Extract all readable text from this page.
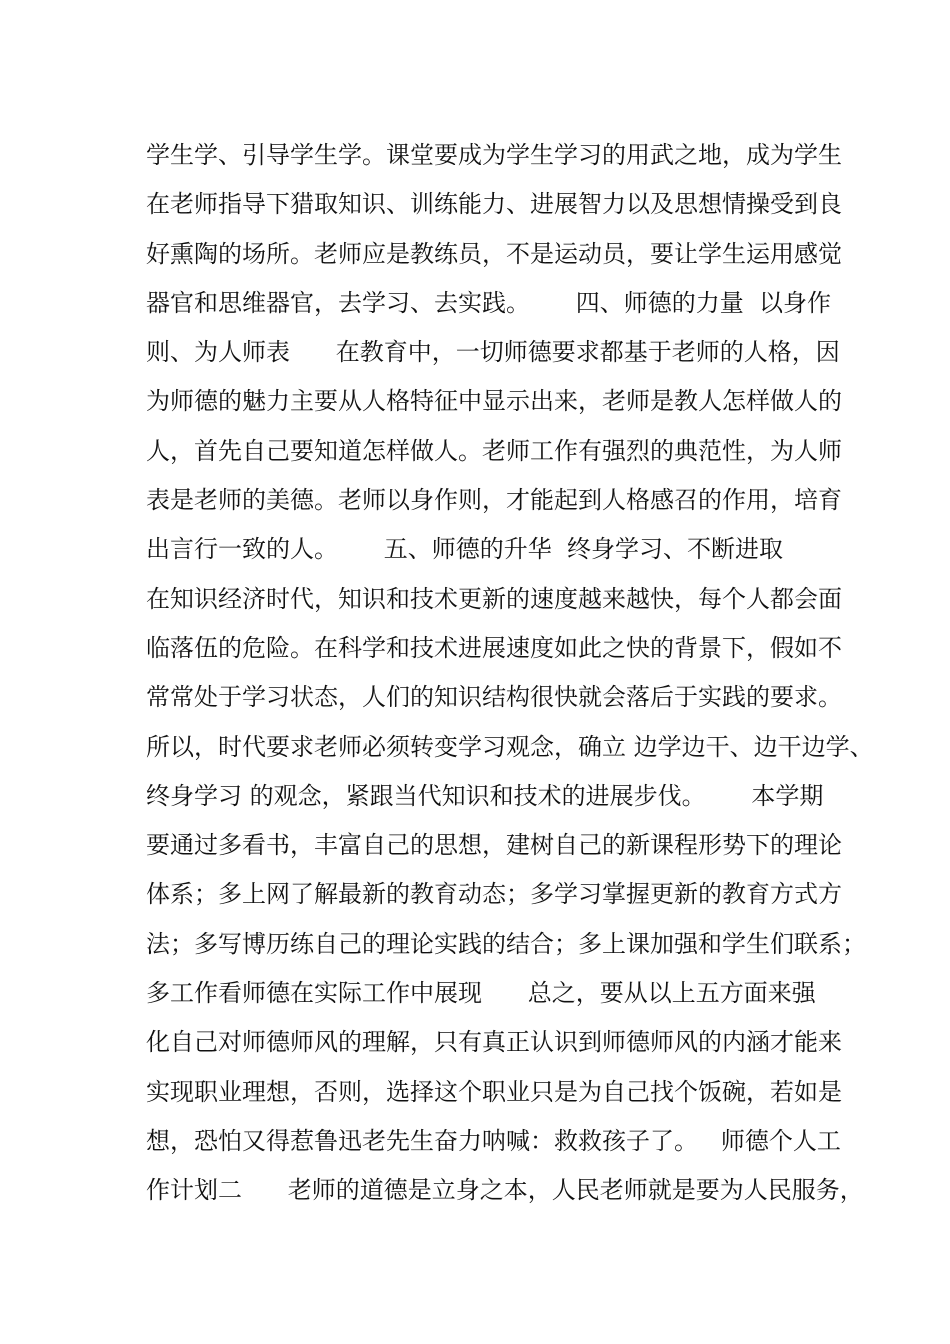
学生学、引导学生学。课堂要成为学生学习的用武之地，成为学生

在老师指导下猎取知识、训练能力、进展智力以及思想情操受到良

好熏陶的场所。老师应是教练员，不是运动员，要让学生运用感觉

器官和思维器官，去学习、去实践。      四、师德的力量  以身作

则、为人师表      在教育中，一切师德要求都基于老师的人格，因

为师德的魅力主要从人格特征中显示出来，老师是教人怎样做人的

人，首先自己要知道怎样做人。老师工作有强烈的典范性，为人师

表是老师的美德。老师以身作则，才能起到人格感召的作用，培育

出言行一致的人。      五、师德的升华  终身学习、不断进取

在知识经济时代，知识和技术更新的速度越来越快，每个人都会面

临落伍的危险。在科学和技术进展速度如此之快的背景下，假如不

常常处于学习状态，人们的知识结构很快就会落后于实践的要求。

所以，时代要求老师必须转变学习观念，确立 边学边干、边干边学、

终身学习 的观念，紧跟当代知识和技术的进展步伐。      本学期

要通过多看书，丰富自己的思想，建树自己的新课程形势下的理论

体系；多上网了解最新的教育动态；多学习掌握更新的教育方式方

法；多写博历练自己的理论实践的结合；多上课加强和学生们联系；

多工作看师德在实际工作中展现      总之，要从以上五方面来强

化自己对师德师风的理解，只有真正认识到师德师风的内涵才能来

实现职业理想，否则，选择这个职业只是为自己找个饭碗，若如是

想，恐怕又得惹鲁迅老先生奋力呐喊：救救孩子了。   师德个人工

作计划二      老师的道德是立身之本，人民老师就是要为人民服务，
